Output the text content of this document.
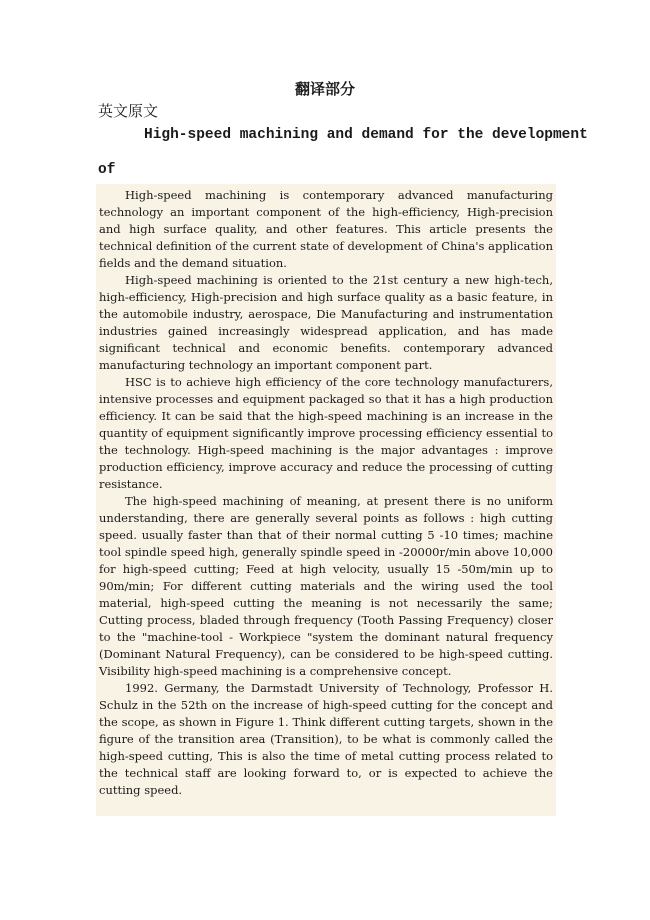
翻译部分
英文原文
High-speed machining and demand for the development
of

High-speed machining is contemporary advanced manufacturing technology an important component of the high-efficiency, High-precision and high surface quality, and other features. This article presents the technical definition of the current state of development of China's application fields and the demand situation.

High-speed machining is oriented to the 21st century a new high-tech, high-efficiency, High-precision and high surface quality as a basic feature, in the automobile industry, aerospace, Die Manufacturing and instrumentation industries gained increasingly widespread application, and has made significant technical and economic benefits. contemporary advanced manufacturing technology an important component part.

HSC is to achieve high efficiency of the core technology manufacturers, intensive processes and equipment packaged so that it has a high production efficiency. It can be said that the high-speed machining is an increase in the quantity of equipment significantly improve processing efficiency essential to the technology. High-speed machining is the major advantages : improve production efficiency, improve accuracy and reduce the processing of cutting resistance.

The high-speed machining of meaning, at present there is no uniform understanding, there are generally several points as follows : high cutting speed. usually faster than that of their normal cutting 5 -10 times; machine tool spindle speed high, generally spindle speed in -20000r/min above 10,000 for high-speed cutting; Feed at high velocity, usually 15 -50m/min up to 90m/min; For different cutting materials and the wiring used the tool material, high-speed cutting the meaning is not necessarily the same; Cutting process, bladed through frequency (Tooth Passing Frequency) closer to the "machine-tool - Workpiece "system the dominant natural frequency (Dominant Natural Frequency), can be considered to be high-speed cutting. Visibility high-speed machining is a comprehensive concept.

1992. Germany, the Darmstadt University of Technology, Professor H. Schulz in the 52th on the increase of high-speed cutting for the concept and the scope, as shown in Figure 1. Think different cutting targets, shown in the figure of the transition area (Transition), to be what is commonly called the high-speed cutting, This is also the time of metal cutting process related to the technical staff are looking forward to, or is expected to achieve the cutting speed.
